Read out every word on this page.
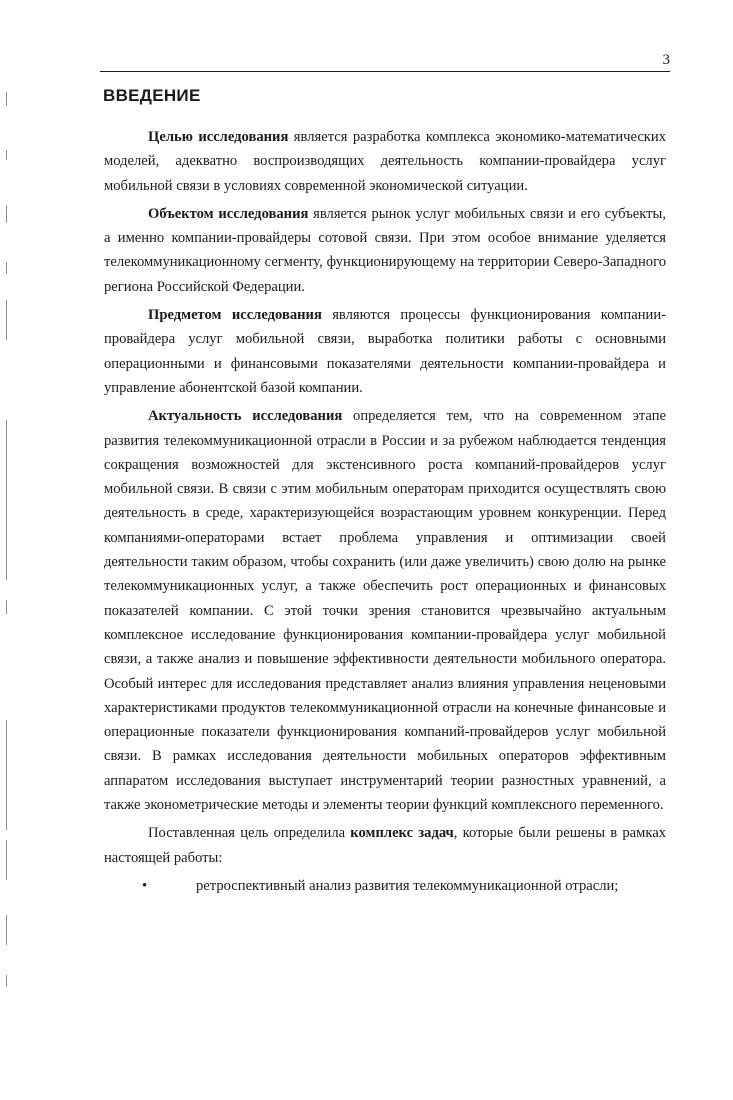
3
ВВЕДЕНИЕ

Целью исследования является разработка комплекса экономико-математических моделей, адекватно воспроизводящих деятельность компании-провайдера услуг мобильной связи в условиях современной экономической ситуации.

Объектом исследования является рынок услуг мобильных связи и его субъекты, а именно компании-провайдеры сотовой связи. При этом особое внимание уделяется телекоммуникационному сегменту, функционирующему на территории Северо-Западного региона Российской Федерации.

Предметом исследования являются процессы функционирования компании-провайдера услуг мобильной связи, выработка политики работы с основными операционными и финансовыми показателями деятельности компании-провайдера и управление абонентской базой компании.

Актуальность исследования определяется тем, что на современном этапе развития телекоммуникационной отрасли в России и за рубежом наблюдается тенденция сокращения возможностей для экстенсивного роста компаний-провайдеров услуг мобильной связи. В связи с этим мобильным операторам приходится осуществлять свою деятельность в среде, характеризующейся возрастающим уровнем конкуренции. Перед компаниями-операторами встает проблема управления и оптимизации своей деятельности таким образом, чтобы сохранить (или даже увеличить) свою долю на рынке телекоммуникационных услуг, а также обеспечить рост операционных и финансовых показателей компании. С этой точки зрения становится чрезвычайно актуальным комплексное исследование функционирования компании-провайдера услуг мобильной связи, а также анализ и повышение эффективности деятельности мобильного оператора. Особый интерес для исследования представляет анализ влияния управления неценовыми характеристиками продуктов телекоммуникационной отрасли на конечные финансовые и операционные показатели функционирования компаний-провайдеров услуг мобильной связи. В рамках исследования деятельности мобильных операторов эффективным аппаратом исследования выступает инструментарий теории разностных уравнений, а также эконометрические методы и элементы теории функций комплексного переменного.

Поставленная цель определила комплекс задач, которые были решены в рамках настоящей работы:

•	ретроспективный анализ развития телекоммуникационной отрасли;
